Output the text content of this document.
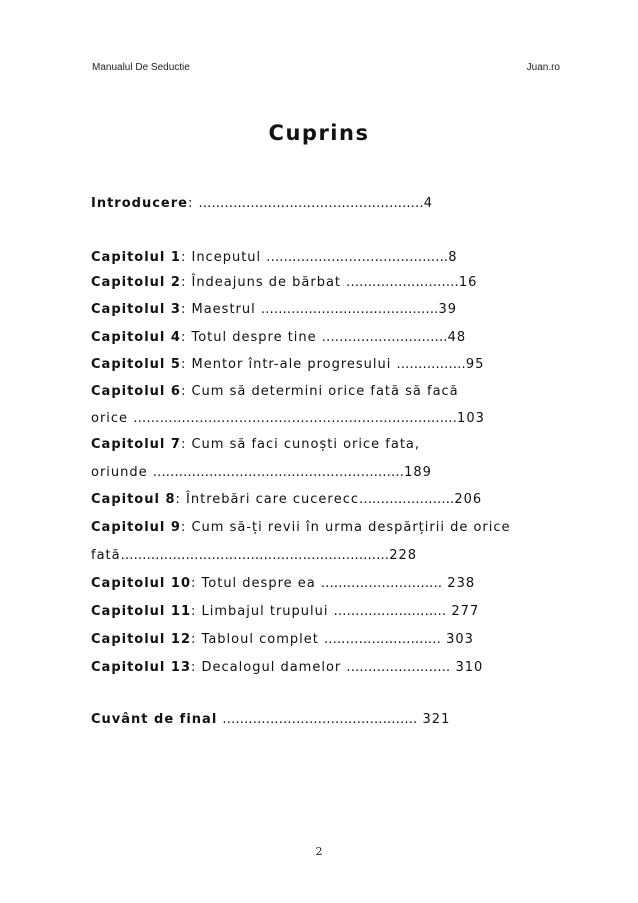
Manualul De Seductie	Juan.ro
Cuprins
Introducere: ....................................................4
Capitolul 1: Inceputul ..........................................8
Capitolul 2: Îndeajuns de bărbat ..........................16
Capitolul 3: Maestrul .........................................39
Capitolul 4: Totul despre tine ....…......................48
Capitolul 5: Mentor într-ale progresului ................95
Capitolul 6: Cum să determini orice fată să facă
orice …………………………………………..........................103
Capitolul 7: Cum să faci cunoști orice fata,
oriunde ..........................................................189
Capitoul 8: Întrebări care cucerесc......................206
Capitolul 9: Cum să-ți revii în urma despărțirii de orice
fată..............................................................228
Capitolul 10: Totul despre ea ............................ 238
Capitolul 11: Limbajul trupului .......................... 277
Capitolul 12: Tabloul complet ........................... 303
Capitolul 13: Decalogul damelor ........................ 310
Cuvânt de final ............................................. 321
2
